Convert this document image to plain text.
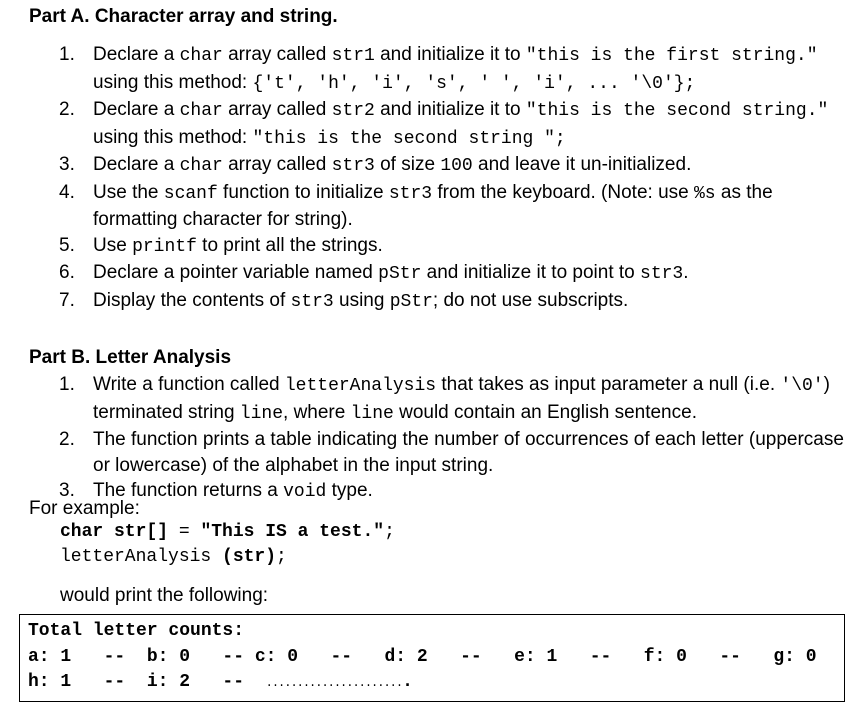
Part A. Character array and string.
1. Declare a char array called str1 and initialize it to "this is the first string." using this method: {'t', 'h', 'i', 's', ' ', 'i', ... '\0'};
2. Declare a char array called str2 and initialize it to "this is the second string." using this method: "this is the second string ";
3. Declare a char array called str3 of size 100 and leave it un-initialized.
4. Use the scanf function to initialize str3 from the keyboard. (Note: use %s as the formatting character for string).
5. Use printf to print all the strings.
6. Declare a pointer variable named pStr and initialize it to point to str3.
7. Display the contents of str3 using pStr; do not use subscripts.
Part B. Letter Analysis
1. Write a function called letterAnalysis that takes as input parameter a null (i.e. '\0') terminated string line, where line would contain an English sentence.
2. The function prints a table indicating the number of occurrences of each letter (uppercase or lowercase) of the alphabet in the input string.
3. The function returns a void type.
For example:
char str[] = "This IS a test.";
letterAnalysis (str);
would print the following:
Total letter counts:
a: 1   --  b: 0   -- c: 0   --   d: 2   --   e: 1   --   f: 0   --   g: 0
h: 1   --  i: 2   --  .......................
